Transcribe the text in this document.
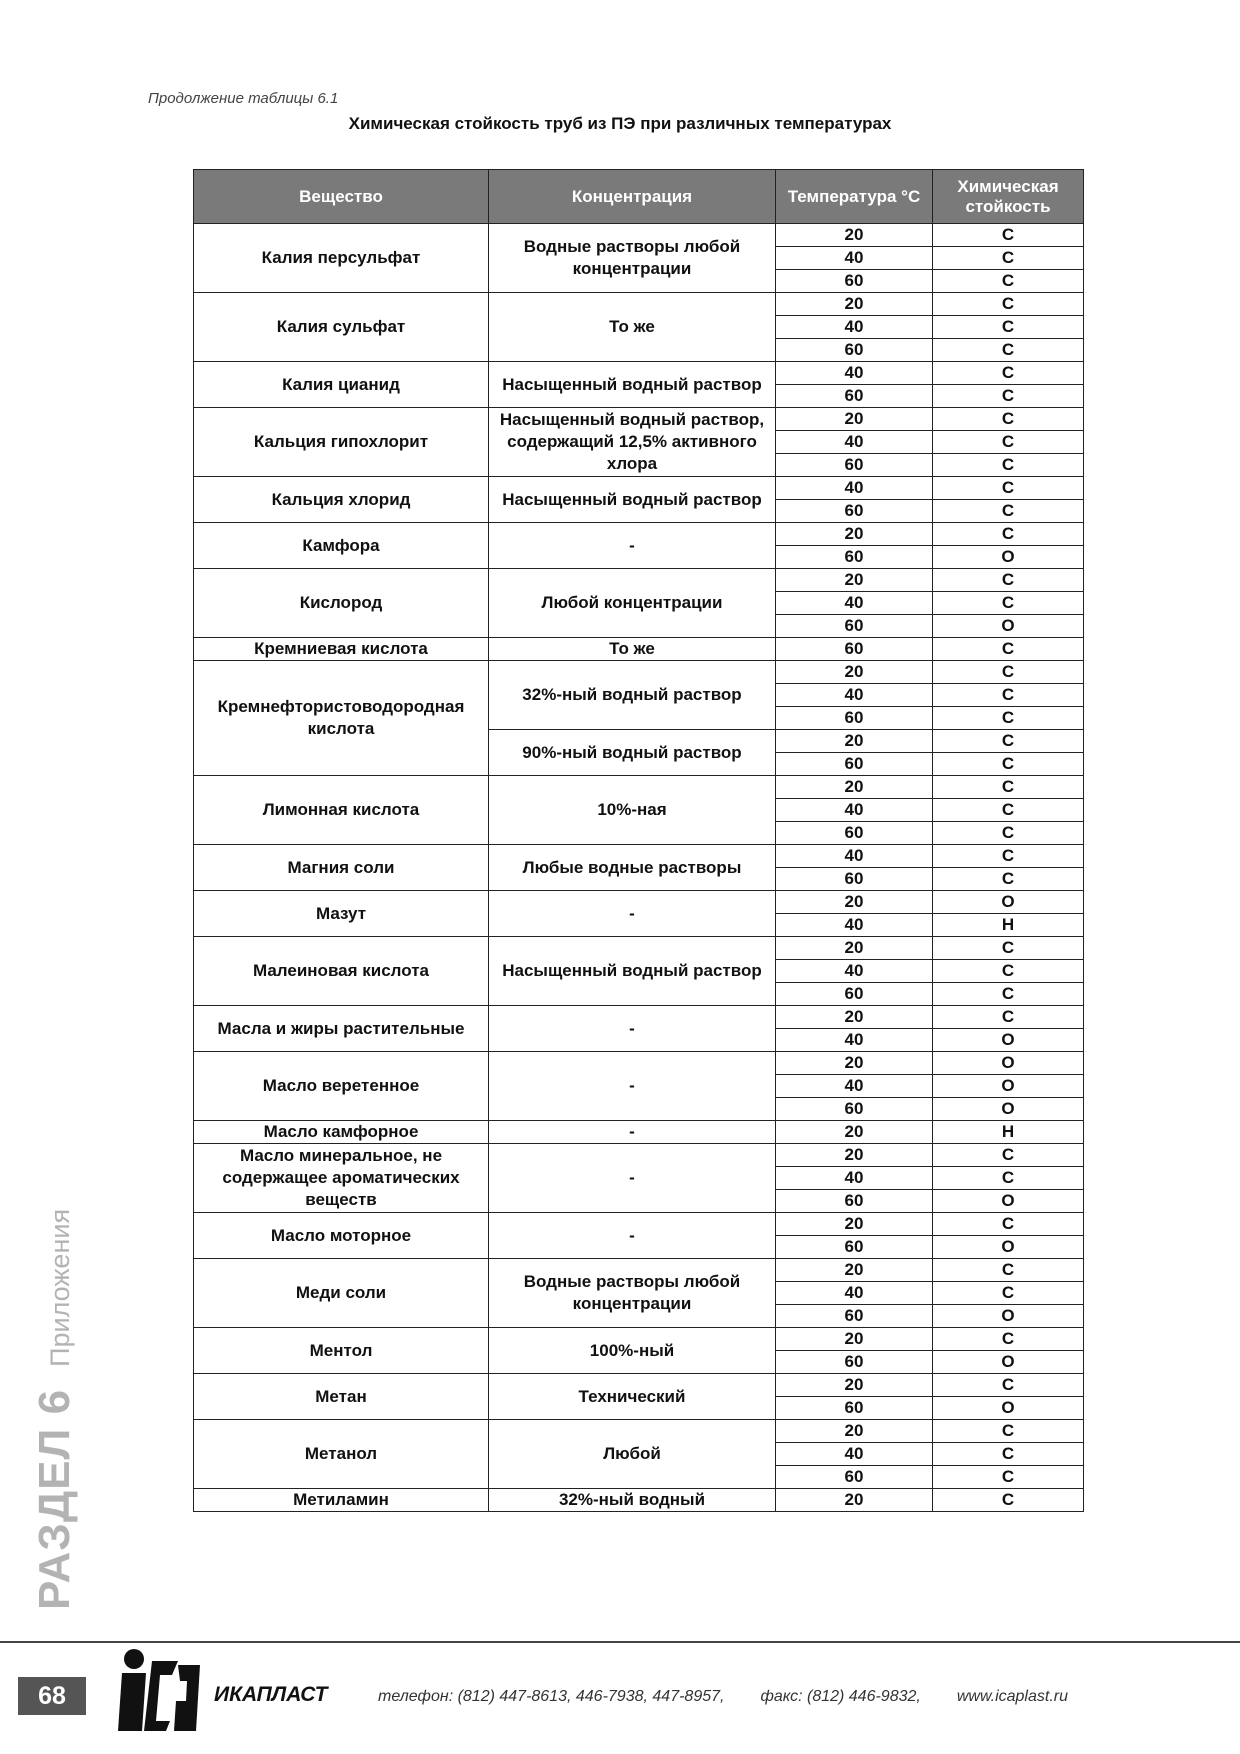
Продолжение таблицы 6.1
Химическая стойкость труб из ПЭ при различных температурах
Вещество	Концентрация	Температура °С	Химическая стойкость
Калия персульфат	Водные растворы любой концентрации	20	С
		40	С
		60	С
Калия сульфат	То же	20	С
		40	С
		60	С
Калия цианид	Насыщенный водный раствор	40	С
		60	С
Кальция гипохлорит	Насыщенный водный раствор, содержащий 12,5% активного хлора	20	С
		40	С
		60	С
Кальция хлорид	Насыщенный водный раствор	40	С
		60	С
Камфора	-	20	С
		60	О
Кислород	Любой концентрации	20	С
		40	С
		60	О
Кремниевая кислота	То же	60	С
Кремнефтористоводородная кислота	32%-ный водный раствор	20	С
		40	С
		60	С
	90%-ный водный раствор	20	С
		60	С
Лимонная кислота	10%-ная	20	С
		40	С
		60	С
Магния соли	Любые водные растворы	40	С
		60	С
Мазут	-	20	О
		40	Н
Малеиновая кислота	Насыщенный водный раствор	20	С
		40	С
		60	С
Масла и жиры растительные	-	20	С
		40	О
Масло веретенное	-	20	О
		40	О
		60	О
Масло камфорное	-	20	Н
Масло минеральное, не содержащее ароматических веществ	-	20	С
		40	С
		60	О
Масло моторное	-	20	С
		60	О
Меди соли	Водные растворы любой концентрации	20	С
		40	С
		60	О
Ментол	100%-ный	20	С
		60	О
Метан	Технический	20	С
		60	О
Метанол	Любой	20	С
		40	С
		60	С
Метиламин	32%-ный водный	20	С
РАЗДЕЛ 6Приложения
68	ИКАПЛАСТ	телефон: (812) 447-8613, 446-7938, 447-8957, факс: (812) 446-9832, www.icaplast.ru
